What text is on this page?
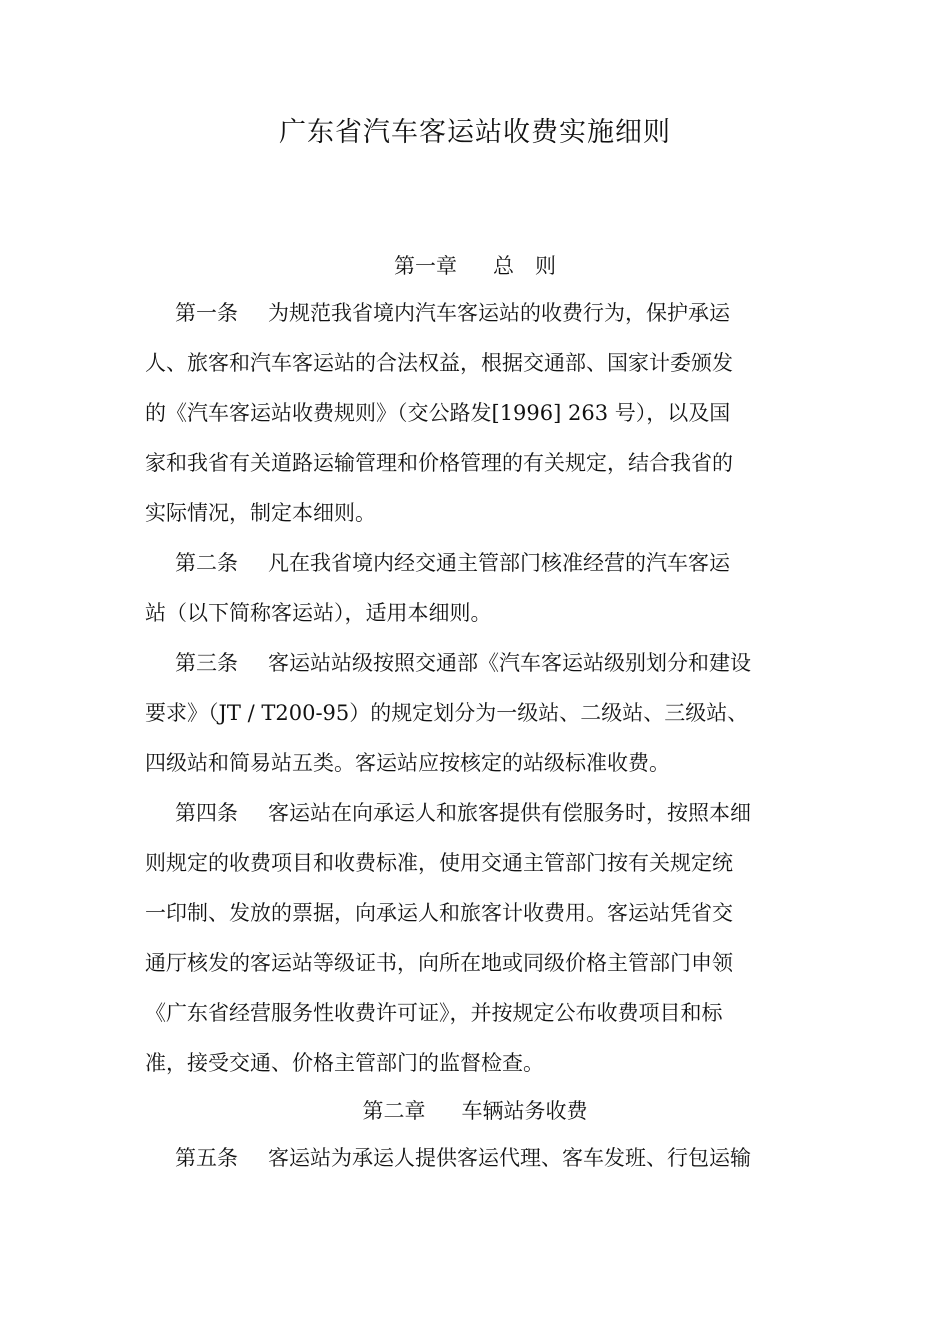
广东省汽车客运站收费实施细则
第一章 总　则
第一条 为规范我省境内汽车客运站的收费行为，保护承运
人、旅客和汽车客运站的合法权益，根据交通部、国家计委颁发
的《汽车客运站收费规则》（交公路发[1996] 263 号），以及国
家和我省有关道路运输管理和价格管理的有关规定，结合我省的
实际情况，制定本细则。
第二条 凡在我省境内经交通主管部门核准经营的汽车客运
站（以下简称客运站），适用本细则。
第三条 客运站站级按照交通部《汽车客运站级别划分和建设
要求》（JT / T200-95）的规定划分为一级站、二级站、三级站、
四级站和简易站五类。客运站应按核定的站级标准收费。
第四条 客运站在向承运人和旅客提供有偿服务时，按照本细
则规定的收费项目和收费标准，使用交通主管部门按有关规定统
一印制、发放的票据，向承运人和旅客计收费用。客运站凭省交
通厅核发的客运站等级证书，向所在地或同级价格主管部门申领
《广东省经营服务性收费许可证》，并按规定公布收费项目和标
准，接受交通、价格主管部门的监督检查。
第二章 车辆站务收费
第五条 客运站为承运人提供客运代理、客车发班、行包运输
